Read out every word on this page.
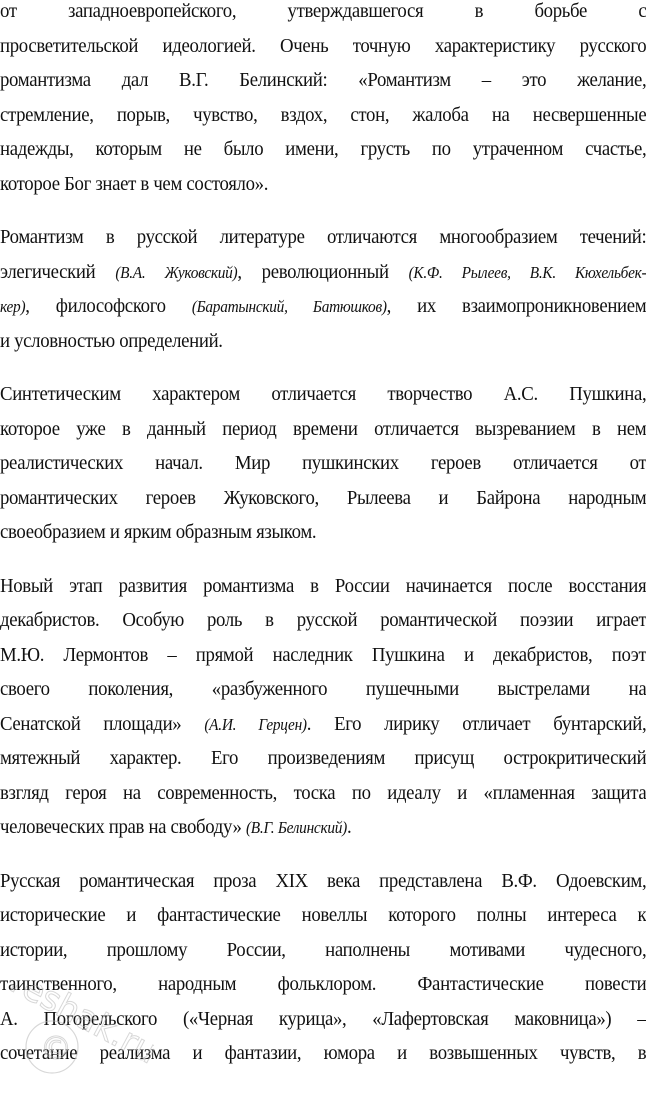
от западноевропейского, утверждавшегося в борьбе с
просветительской идеологией. Очень точную характеристику русского
романтизма дал В.Г. Белинский: «Романтизм – это желание,
стремление, порыв, чувство, вздох, стон, жалоба на несвершенные
надежды, которым не было имени, грусть по утраченном счастье,
которое Бог знает в чем состояло».
Романтизм в русской литературе отличаются многообразием течений:
элегический (В.А. Жуковский), революционный (К.Ф. Рылеев, В.К. Кюхельбек-
кер), философского (Баратынский, Батюшков), их взаимопроникновением
и условностью определений.
Синтетическим характером отличается творчество А.С. Пушкина,
которое уже в данный период времени отличается вызреванием в нем
реалистических начал. Мир пушкинских героев отличается от
романтических героев Жуковского, Рылеева и Байрона народным
своеобразием и ярким образным языком.
Новый этап развития романтизма в России начинается после восстания
декабристов. Особую роль в русской романтической поэзии играет
М.Ю. Лермонтов – прямой наследник Пушкина и декабристов, поэт
своего поколения, «разбуженного пушечными выстрелами на
Сенатской площади» (А.И. Герцен). Его лирику отличает бунтарский,
мятежный характер. Его произведениям присущ острокритический
взгляд героя на современность, тоска по идеалу и «пламенная защита
человеческих прав на свободу» (В.Г. Белинский).
Русская романтическая проза XIX века представлена В.Ф. Одоевским,
исторические и фантастические новеллы которого полны интереса к
истории, прошлому России, наполнены мотивами чудесного,
таинственного, народным фольклором. Фантастические повести
А. Погорельского («Черная курица», «Лафертовская маковница») –
сочетание реализма и фантазии, юмора и возвышенных чувств, в
